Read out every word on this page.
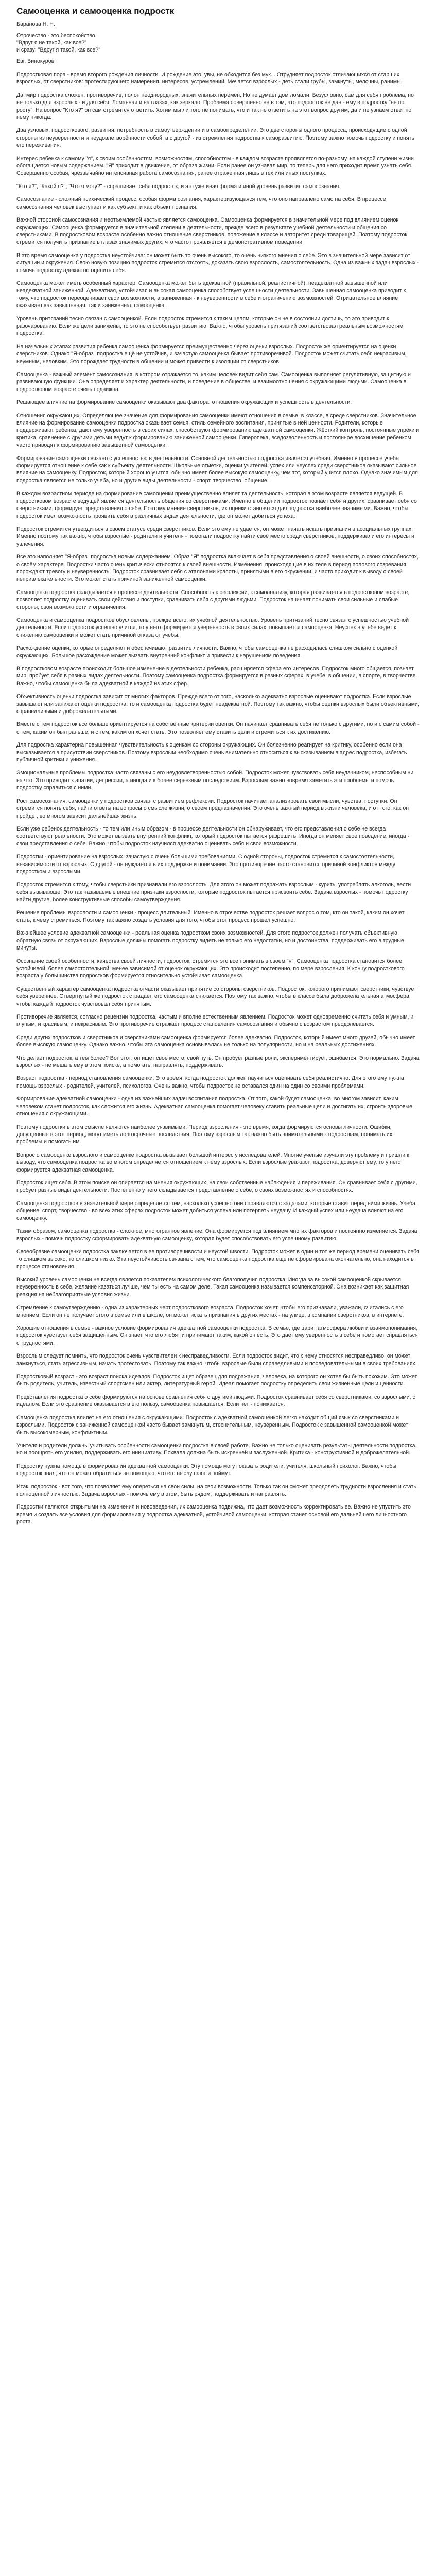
Самооценка и самооценка подростк

Баранова Н. Н.

Отрочество - это беспокойство.

"Вдруг я не такой, как все?"

и сразу: "Вдруг я такой, как все?"

Евг. Винокуров

Подростковая пора - время второго рождения личности. И рождение это, увы, не обходится без мук... Отрудняет подросток отличающихся от старших взрослых, от сверстников: протестирующего намерения, интересов, устремлений. Мечается взрослых - деть стали грубы, замкнуты, мелочны, ранимы.

Да, мир подростка сложен, противоречив, полон неоднородных, значительных перемен. Но не думает дом ломали. Безусловно, сам для себя проблема, но не только для взрослых - и для себя. Ломанная и на глазах, как зеркало. Проблема совершенно не в том, что подросток не дан - ему в подростку "не по росту". На вопрос "Кто я?" он сам стремится ответить. Хотим мы ли того не понимать, что и так не ответить на этот вопрос другим, да и не узнаем ответ по нему никогда.

Два узловых, подросткового, развития: потребность в самоутверждении и в самоопределении. Это две стороны одного процесса, происходящие с одной стороны из неуверенности и неудовлетворённости собой, а с другой - из стремления подростка к саморазвитию. Поэтому важно помочь подростку и понять его переживания.

Интерес ребенка к самому "я", к своим особенностям, возможностям, способностям - в каждом возрасте проявляется по-разному, на каждой ступени жизни обогащается новым содержанием. "Я" приходит в движение, от образа жизни. Если ранее он узнавал мир, то теперь для него приходит время узнать себя. Совершенно особая, чрезвычайно интенсивная работа самосознания, ранее отраженная лишь в тех или иных поступках.

"Кто я?", "Какой я?", "Что я могу?" - спрашивает себя подросток, и это уже иная форма и иной уровень развития самосознания.

Самосознание - сложный психический процесс, особая форма сознания, характеризующаяся тем, что оно направлено само на себя. В процессе самосознания человек выступает и как субъект, и как объект познания.

Важной стороной самосознания и неотъемлемой частью является самооценка. Самооценка формируется в значительной мере под влиянием оценок окружающих. Самооценка формируется в значительной степени в деятельности, прежде всего в результате учебной деятельности и общения со сверстниками. В подростковом возрасте особенно важно отношение сверстников, положение в классе и авторитет среди товарищей. Поэтому подросток стремится получить признание в глазах значимых других, что часто проявляется в демонстративном поведении.

В это время самооценка у подростка неустойчива: он может быть то очень высокого, то очень низкого мнения о себе. Это в значительной мере зависит от ситуации и окружения. Свою новую позицию подросток стремится отстоять, доказать свою взрослость, самостоятельность. Одна из важных задач взрослых - помочь подростку адекватно оценить себя.

Самооценка может иметь особенный характер. Самооценка может быть адекватной (правильной, реалистичной), неадекватной завышенной или неадекватной заниженной. Адекватная, устойчивая и высокая самооценка способствует успешности деятельности. Завышенная самооценка приводит к тому, что подросток переоценивает свои возможности, а заниженная - к неуверенности в себе и ограничению возможностей. Отрицательное влияние оказывает как завышенная, так и заниженная самооценка.

Уровень притязаний тесно связан с самооценкой. Если подросток стремится к таким целям, которые он не в состоянии достичь, то это приводит к разочарованию. Если же цели занижены, то это не способствует развитию. Важно, чтобы уровень притязаний соответствовал реальным возможностям подростка.

На начальных этапах развития ребенка самооценка формируется преимущественно через оценки взрослых. Подросток же ориентируется на оценки сверстников. Однако "Я-образ" подростка ещё не устойчив, и зачастую самооценка бывает противоречивой. Подросток может считать себя некрасивым, неумным, неловким. Это порождает трудности в общении и может привести к изоляции от сверстников.

Самооценка - важный элемент самосознания, в котором отражается то, каким человек видит себя сам. Самооценка выполняет регулятивную, защитную и развивающую функции. Она определяет и характер деятельности, и поведение в обществе, и взаимоотношения с окружающими людьми. Самооценка в подростковом возрасте очень подвижна.

Решающее влияние на формирование самооценки оказывают два фактора: отношения окружающих и успешность в деятельности.

Отношения окружающих. Определяющее значение для формирования самооценки имеют отношения в семье, в классе, в среде сверстников. Значительное влияние на формирование самооценки подростка оказывает семья, стиль семейного воспитания, принятые в ней ценности. Родители, которые поддерживают ребенка, дают ему уверенность в своих силах, способствуют формированию адекватной самооценки. Жёсткий контроль, постоянные упрёки и критика, сравнение с другими детьми ведут к формированию заниженной самооценки. Гиперопека, вседозволенность и постоянное восхищение ребенком часто приводят к формированию завышенной самооценки.

Формирование самооценки связано с успешностью в деятельности. Основной деятельностью подростка является учебная. Именно в процессе учебы формируется отношение к себе как к субъекту деятельности. Школьные отметки, оценки учителей, успех или неуспех среди сверстников оказывают сильное влияние на самооценку. Подросток, который хорошо учится, обычно имеет более высокую самооценку, чем тот, который учится плохо. Однако значимым для подростка является не только учеба, но и другие виды деятельности - спорт, творчество, общение.

В каждом возрастном периоде на формирование самооценки преимущественно влияет та деятельность, которая в этом возрасте является ведущей. В подростковом возрасте ведущей является деятельность общения со сверстниками. Именно в общении подросток познаёт себя и других, сравнивает себя со сверстниками, формирует представления о себе. Поэтому мнение сверстников, их оценки становятся для подростка наиболее значимыми. Важно, чтобы подросток имел возможность проявить себя в различных видах деятельности, где он может добиться успеха.

Подросток стремится утвердиться в своем статусе среди сверстников. Если это ему не удается, он может начать искать признания в асоциальных группах. Именно поэтому так важно, чтобы взрослые - родители и учителя - помогали подростку найти своё место среди сверстников, поддерживали его интересы и увлечения.

Всё это наполняет "Я-образ" подростка новым содержанием. Образ "Я" подростка включает в себя представления о своей внешности, о своих способностях, о своём характере. Подростки часто очень критически относятся к своей внешности. Изменения, происходящие в их теле в период полового созревания, порождают тревогу и неуверенность. Подросток сравнивает себя с эталонами красоты, принятыми в его окружении, и часто приходит к выводу о своей непривлекательности. Это может стать причиной заниженной самооценки.

Самооценка подростка складывается в процессе деятельности. Способность к рефлексии, к самоанализу, которая развивается в подростковом возрасте, позволяет подростку оценивать свои действия и поступки, сравнивать себя с другими людьми. Подросток начинает понимать свои сильные и слабые стороны, свои возможности и ограничения.

Самооценка и самооценка подростков обусловлены, прежде всего, их учебной деятельностью. Уровень притязаний тесно связан с успешностью учебной деятельности. Если подросток успешно учится, то у него формируется уверенность в своих силах, повышается самооценка. Неуспех в учебе ведет к снижению самооценки и может стать причиной отказа от учебы.

Расхождение оценки, которые определяют и обеспечивают развитие личности. Важно, чтобы самооценка не расходилась слишком сильно с оценкой окружающих. Большое расхождение может вызвать внутренний конфликт и привести к нарушениям поведения.

В подростковом возрасте происходит большое изменение в деятельности ребенка, расширяется сфера его интересов. Подросток много общается, познает мир, пробует себя в разных видах деятельности. Поэтому самооценка подростка формируется в разных сферах: в учебе, в общении, в спорте, в творчестве. Важно, чтобы самооценка была адекватной в каждой из этих сфер.

Объективность оценки подростка зависит от многих факторов. Прежде всего от того, насколько адекватно взрослые оценивают подростка. Если взрослые завышают или занижают оценки подростка, то и самооценка подростка будет неадекватной. Поэтому так важно, чтобы оценки взрослых были объективными, справедливыми и доброжелательными.

Вместе с тем подросток все больше ориентируется на собственные критерии оценки. Он начинает сравнивать себя не только с другими, но и с самим собой - с тем, каким он был раньше, и с тем, каким он хочет стать. Это позволяет ему ставить цели и стремиться к их достижению.

Для подростка характерна повышенная чувствительность к оценкам со стороны окружающих. Он болезненно реагирует на критику, особенно если она высказывается в присутствии сверстников. Поэтому взрослым необходимо очень внимательно относиться к высказываниям в адрес подростка, избегать публичной критики и унижения.

Эмоциональные проблемы подростка часто связаны с его неудовлетворенностью собой. Подросток может чувствовать себя неудачником, неспособным ни на что. Это приводит к апатии, депрессии, а иногда и к более серьезным последствиям. Взрослым важно вовремя заметить эти проблемы и помочь подростку справиться с ними.

Рост самосознания, самооценки у подростков связан с развитием рефлексии. Подросток начинает анализировать свои мысли, чувства, поступки. Он стремится понять себя, найти ответы на вопросы о смысле жизни, о своем предназначении. Это очень важный период в жизни человека, и от того, как он пройдет, во многом зависит дальнейшая жизнь.

Если уже ребенок деятельность - то тем или иным образом - в процессе деятельности он обнаруживает, что его представления о себе не всегда соответствуют реальности. Это может вызвать внутренний конфликт, который подросток пытается разрешить. Иногда он меняет свое поведение, иногда - свои представления о себе. Важно, чтобы подросток научился адекватно оценивать себя и свои возможности.

Подростки - ориентирование на взрослых, зачастую с очень большими требованиями. С одной стороны, подросток стремится к самостоятельности, независимости от взрослых. С другой - он нуждается в их поддержке и понимании. Это противоречие часто становится причиной конфликтов между подростком и взрослыми.

Подросток стремится к тому, чтобы сверстники признавали его взрослость. Для этого он может подражать взрослым - курить, употреблять алкоголь, вести себя вызывающе. Это так называемые внешние признаки взрослости, которые подросток пытается присвоить себе. Задача взрослых - помочь подростку найти другие, более конструктивные способы самоутверждения.

Решение проблемы взрослости и самооценки - процесс длительный. Именно в отрочестве подросток решает вопрос о том, кто он такой, каким он хочет стать, к чему стремиться. Поэтому так важно создать условия для того, чтобы этот процесс прошел успешно.

Важнейшее условие адекватной самооценки - реальная оценка подростком своих возможностей. Для этого подросток должен получать объективную обратную связь от окружающих. Взрослые должны помогать подростку видеть не только его недостатки, но и достоинства, поддерживать его в трудные минуты.

Осознание своей особенности, качества своей личности, подросток, стремится это все понимать в своем "я". Самооценка подростка становится более устойчивой, более самостоятельной, менее зависимой от оценок окружающих. Это происходит постепенно, по мере взросления. К концу подросткового возраста у большинства подростков формируется относительно устойчивая самооценка.

Существенный характер самооценка подростка отчасти оказывает принятие со стороны сверстников. Подросток, которого принимают сверстники, чувствует себя увереннее. Отвергнутый же подросток страдает, его самооценка снижается. Поэтому так важно, чтобы в классе была доброжелательная атмосфера, чтобы каждый подросток чувствовал себя принятым.

Противоречие является, согласно рецензии подростка, частым и вполне естественным явлением. Подросток может одновременно считать себя и умным, и глупым, и красивым, и некрасивым. Это противоречие отражает процесс становления самосознания и обычно с возрастом преодолевается.

Среди других подростков и сверстников и сверстниками самооценка формируется более адекватно. Подросток, который имеет много друзей, обычно имеет более высокую самооценку. Однако важно, чтобы эта самооценка основывалась не только на популярности, но и на реальных достижениях.

Что делает подросток, а тем более? Вот этот: он ищет свое место, свой путь. Он пробует разные роли, экспериментирует, ошибается. Это нормально. Задача взрослых - не мешать ему в этом поиске, а помогать, направлять, поддерживать.

Возраст подростка - период становления самооценки. Это время, когда подросток должен научиться оценивать себя реалистично. Для этого ему нужна помощь взрослых - родителей, учителей, психологов. Очень важно, чтобы подросток не оставался один на один со своими проблемами.

Формирование адекватной самооценки - одна из важнейших задач воспитания подростка. От того, какой будет самооценка, во многом зависит, каким человеком станет подросток, как сложится его жизнь. Адекватная самооценка помогает человеку ставить реальные цели и достигать их, строить здоровые отношения с окружающими.

Поэтому подростки в этом смысле являются наиболее уязвимыми. Период взросления - это время, когда формируются основы личности. Ошибки, допущенные в этот период, могут иметь долгосрочные последствия. Поэтому взрослым так важно быть внимательными к подросткам, понимать их проблемы и помогать им.

Вопрос о самооценке взрослого и самооценке подростка вызывает большой интерес у исследователей. Многие ученые изучали эту проблему и пришли к выводу, что самооценка подростка во многом определяется отношением к нему взрослых. Если взрослые уважают подростка, доверяют ему, то у него формируется адекватная самооценка.

Подросток ищет себя. В этом поиске он опирается на мнения окружающих, на свои собственные наблюдения и переживания. Он сравнивает себя с другими, пробует разные виды деятельности. Постепенно у него складывается представление о себе, о своих возможностях и способностях.

Самооценка подростков в значительной мере определяется тем, насколько успешно они справляются с задачами, которые ставит перед ними жизнь. Учеба, общение, спорт, творчество - во всех этих сферах подросток может добиться успеха или потерпеть неудачу. И каждый успех или неудача влияют на его самооценку.

Таким образом, самооценка подростка - сложное, многогранное явление. Она формируется под влиянием многих факторов и постоянно изменяется. Задача взрослых - помочь подростку сформировать адекватную самооценку, которая будет способствовать его успешному развитию.

Своеобразие самооценки подростка заключается в ее противоречивости и неустойчивости. Подросток может в один и тот же период времени оценивать себя то слишком высоко, то слишком низко. Эта неустойчивость связана с тем, что самооценка подростка еще не сформирована окончательно, она находится в процессе становления.

Высокий уровень самооценки не всегда является показателем психологического благополучия подростка. Иногда за высокой самооценкой скрывается неуверенность в себе, желание казаться лучше, чем ты есть на самом деле. Такая самооценка называется компенсаторной. Она возникает как защитная реакция на неблагоприятные условия жизни.

Стремление к самоутверждению - одна из характерных черт подросткового возраста. Подросток хочет, чтобы его признавали, уважали, считались с его мнением. Если он не получает этого в семье или в школе, он может искать признания в других местах - на улице, в компании сверстников, в интернете.

Хорошие отношения в семье - важное условие формирования адекватной самооценки подростка. В семье, где царит атмосфера любви и взаимопонимания, подросток чувствует себя защищенным. Он знает, что его любят и принимают таким, какой он есть. Это дает ему уверенность в себе и помогает справляться с трудностями.

Взрослым следует помнить, что подросток очень чувствителен к несправедливости. Если подросток видит, что к нему относятся несправедливо, он может замкнуться, стать агрессивным, начать протестовать. Поэтому так важно, чтобы взрослые были справедливыми и последовательными в своих требованиях.

Подростковый возраст - это возраст поиска идеалов. Подросток ищет образец для подражания, человека, на которого он хотел бы быть похожим. Это может быть родитель, учитель, известный спортсмен или актер, литературный герой. Идеал помогает подростку определить свои жизненные цели и ценности.

Представления подростка о себе формируются на основе сравнения себя с другими людьми. Подросток сравнивает себя со сверстниками, со взрослыми, с идеалом. Если это сравнение оказывается в его пользу, самооценка повышается. Если нет - понижается.

Самооценка подростка влияет на его отношения с окружающими. Подросток с адекватной самооценкой легко находит общий язык со сверстниками и взрослыми. Подросток с заниженной самооценкой часто бывает замкнутым, стеснительным, неуверенным. Подросток с завышенной самооценкой может быть высокомерным, конфликтным.

Учителя и родители должны учитывать особенности самооценки подростка в своей работе. Важно не только оценивать результаты деятельности подростка, но и поощрять его усилия, поддерживать его инициативу. Похвала должна быть искренней и заслуженной. Критика - конструктивной и доброжелательной.

Подростку нужна помощь в формировании адекватной самооценки. Эту помощь могут оказать родители, учителя, школьный психолог. Важно, чтобы подросток знал, что он может обратиться за помощью, что его выслушают и поймут.

Итак, подросток - вот того, что позволяет ему опереться на свои силы, на свои возможности. Только так он сможет преодолеть трудности взросления и стать полноценной личностью. Задача взрослых - помочь ему в этом, быть рядом, поддерживать и направлять.

Подростки являются открытыми на изменения и нововведения, их самооценка подвижна, что дает возможность корректировать ее. Важно не упустить это время и создать все условия для формирования у подростка адекватной, устойчивой самооценки, которая станет основой его дальнейшего личностного роста.
